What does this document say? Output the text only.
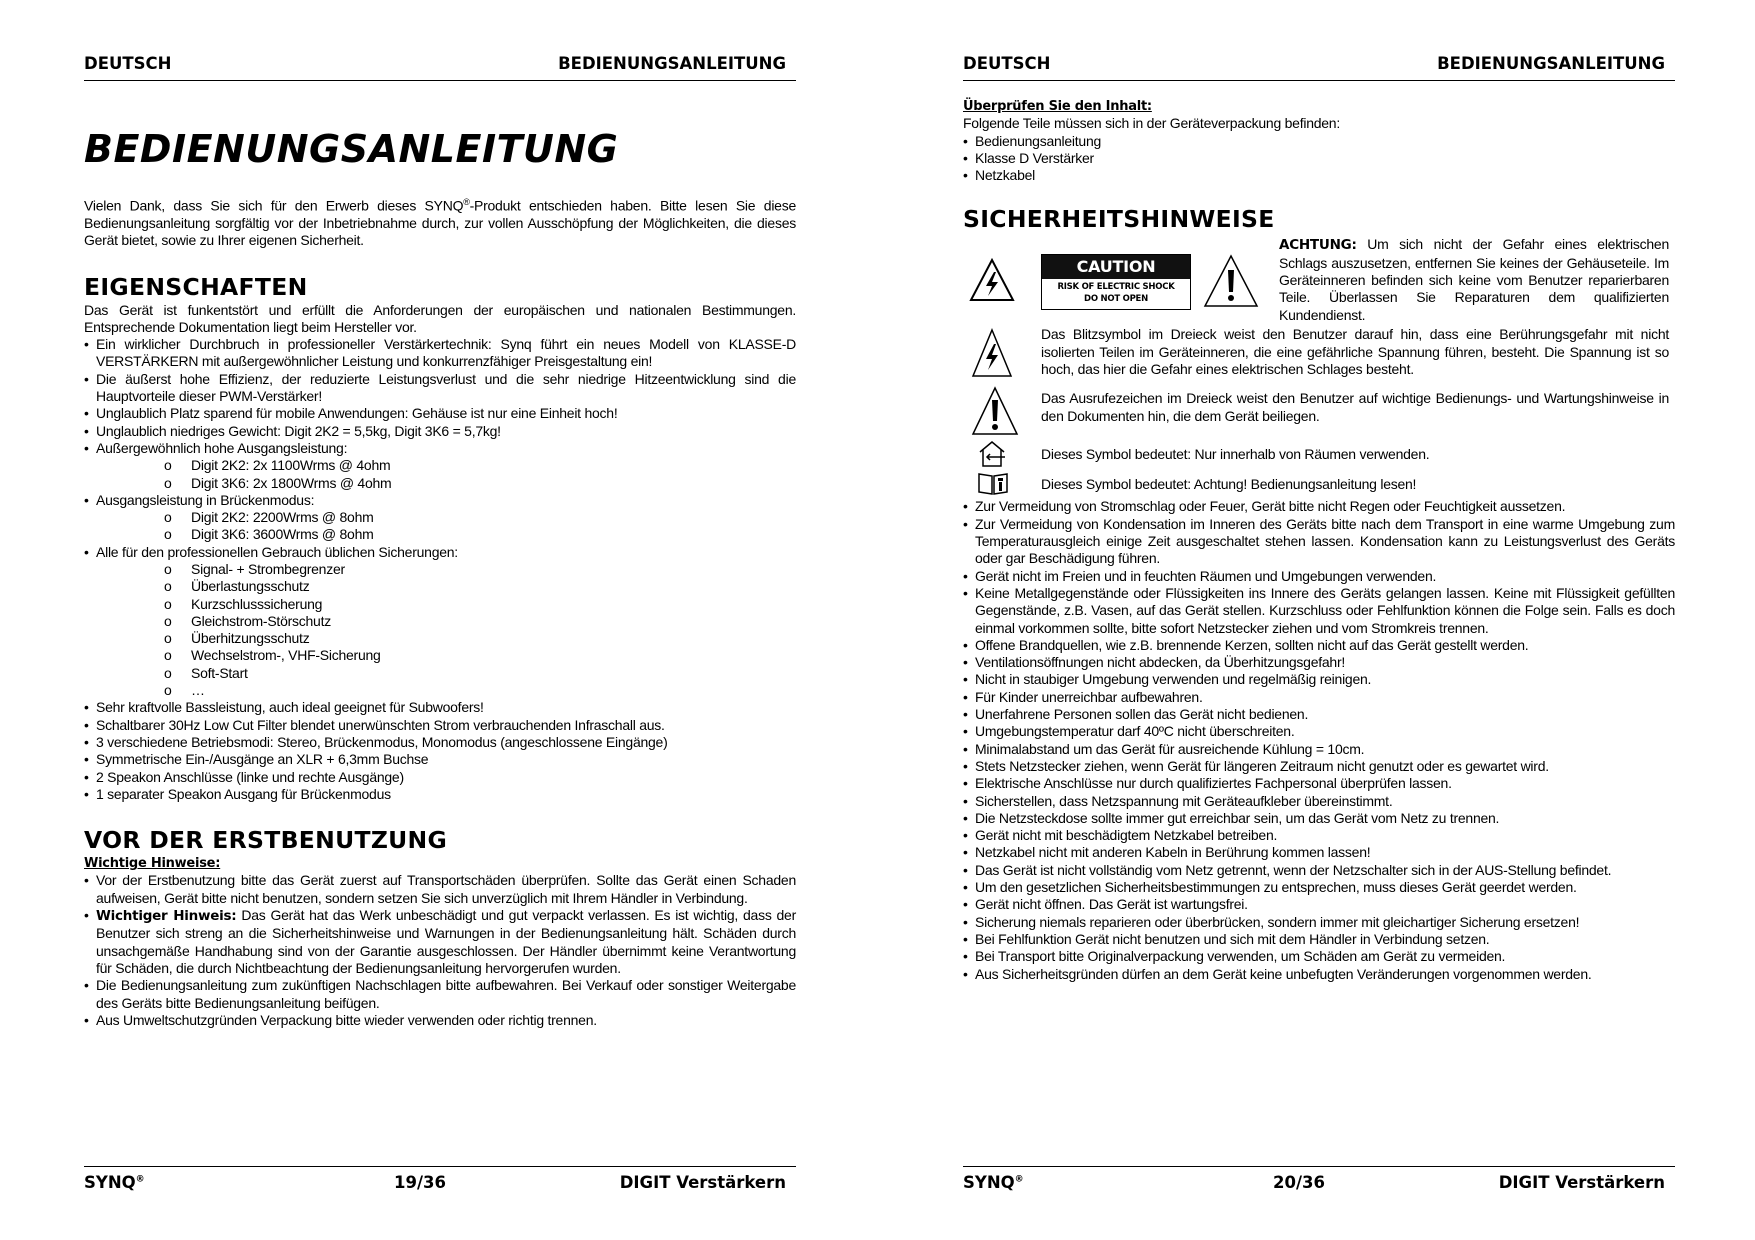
DEUTSCH	BEDIENUNGSANLEITUNG
BEDIENUNGSANLEITUNG

Vielen Dank, dass Sie sich für den Erwerb dieses SYNQ®-Produkt entschieden haben. Bitte lesen Sie diese Bedienungsanleitung sorgfältig vor der Inbetriebnahme durch, zur vollen Ausschöpfung der Möglichkeiten, die dieses Gerät bietet, sowie zu Ihrer eigenen Sicherheit.

EIGENSCHAFTEN

Das Gerät ist funkentstört und erfüllt die Anforderungen der europäischen und nationalen Bestimmungen. Entsprechende Dokumentation liegt beim Hersteller vor.

• Ein wirklicher Durchbruch in professioneller Verstärkertechnik: Synq führt ein neues Modell von KLASSE-D VERSTÄRKERN mit außergewöhnlicher Leistung und konkurrenzfähiger Preisgestaltung ein!
• Die äußerst hohe Effizienz, der reduzierte Leistungsverlust und die sehr niedrige Hitzeentwicklung sind die Hauptvorteile dieser PWM-Verstärker!
• Unglaublich Platz sparend für mobile Anwendungen: Gehäuse ist nur eine Einheit hoch!
• Unglaublich niedriges Gewicht: Digit 2K2 = 5,5kg, Digit 3K6 = 5,7kg!
• Außergewöhnlich hohe Ausgangsleistung:
o Digit 2K2: 2x 1100Wrms @ 4ohm
o Digit 3K6: 2x 1800Wrms @ 4ohm
• Ausgangsleistung in Brückenmodus:
o Digit 2K2: 2200Wrms @ 8ohm
o Digit 3K6: 3600Wrms @ 8ohm
• Alle für den professionellen Gebrauch üblichen Sicherungen:
o Signal- + Strombegrenzer
o Überlastungsschutz
o Kurzschlusssicherung
o Gleichstrom-Störschutz
o Überhitzungsschutz
o Wechselstrom-, VHF-Sicherung
o Soft-Start
o …
• Sehr kraftvolle Bassleistung, auch ideal geeignet für Subwoofers!
• Schaltbarer 30Hz Low Cut Filter blendet unerwünschten Strom verbrauchenden Infraschall aus.
• 3 verschiedene Betriebsmodi: Stereo, Brückenmodus, Monomodus (angeschlossene Eingänge)
• Symmetrische Ein-/Ausgänge an XLR + 6,3mm Buchse
• 2 Speakon Anschlüsse (linke und rechte Ausgänge)
• 1 separater Speakon Ausgang für Brückenmodus
VOR DER ERSTBENUTZUNG

Wichtige Hinweise:

• Vor der Erstbenutzung bitte das Gerät zuerst auf Transportschäden überprüfen. Sollte das Gerät einen Schaden aufweisen, Gerät bitte nicht benutzen, sondern setzen Sie sich unverzüglich mit Ihrem Händler in Verbindung.
• Wichtiger Hinweis: Das Gerät hat das Werk unbeschädigt und gut verpackt verlassen. Es ist wichtig, dass der Benutzer sich streng an die Sicherheitshinweise und Warnungen in der Bedienungsanleitung hält. Schäden durch unsachgemäße Handhabung sind von der Garantie ausgeschlossen. Der Händler übernimmt keine Verantwortung für Schäden, die durch Nichtbeachtung der Bedienungsanleitung hervorgerufen wurden.
• Die Bedienungsanleitung zum zukünftigen Nachschlagen bitte aufbewahren. Bei Verkauf oder sonstiger Weitergabe des Geräts bitte Bedienungsanleitung beifügen.
• Aus Umweltschutzgründen Verpackung bitte wieder verwenden oder richtig trennen.
SYNQ®	19/36	DIGIT Verstärkern
DEUTSCH	BEDIENUNGSANLEITUNG

Überprüfen Sie den Inhalt:

Folgende Teile müssen sich in der Geräteverpackung befinden:

• Bedienungsanleitung
• Klasse D Verstärker
• Netzkabel
SICHERHEITSHINWEISE
CAUTION
RISK OF ELECTRIC SHOCK
DO NOT OPEN

ACHTUNG: Um sich nicht der Gefahr eines elektrischen Schlags auszusetzen, entfernen Sie keines der Gehäuseteile. Im Geräteinneren befinden sich keine vom Benutzer reparierbaren Teile. Überlassen Sie Reparaturen dem qualifizierten Kundendienst.

Das Blitzsymbol im Dreieck weist den Benutzer darauf hin, dass eine Berührungsgefahr mit nicht isolierten Teilen im Geräteinneren, die eine gefährliche Spannung führen, besteht. Die Spannung ist so hoch, das hier die Gefahr eines elektrischen Schlages besteht.

Das Ausrufezeichen im Dreieck weist den Benutzer auf wichtige Bedienungs- und Wartungshinweise in den Dokumenten hin, die dem Gerät beiliegen.

Dieses Symbol bedeutet: Nur innerhalb von Räumen verwenden.

Dieses Symbol bedeutet: Achtung! Bedienungsanleitung lesen!

• Zur Vermeidung von Stromschlag oder Feuer, Gerät bitte nicht Regen oder Feuchtigkeit aussetzen.
• Zur Vermeidung von Kondensation im Inneren des Geräts bitte nach dem Transport in eine warme Umgebung zum Temperaturausgleich einige Zeit ausgeschaltet stehen lassen. Kondensation kann zu Leistungsverlust des Geräts oder gar Beschädigung führen.
• Gerät nicht im Freien und in feuchten Räumen und Umgebungen verwenden.
• Keine Metallgegenstände oder Flüssigkeiten ins Innere des Geräts gelangen lassen. Keine mit Flüssigkeit gefüllten Gegenstände, z.B. Vasen, auf das Gerät stellen. Kurzschluss oder Fehlfunktion können die Folge sein. Falls es doch einmal vorkommen sollte, bitte sofort Netzstecker ziehen und vom Stromkreis trennen.
• Offene Brandquellen, wie z.B. brennende Kerzen, sollten nicht auf das Gerät gestellt werden.
• Ventilationsöffnungen nicht abdecken, da Überhitzungsgefahr!
• Nicht in staubiger Umgebung verwenden und regelmäßig reinigen.
• Für Kinder unerreichbar aufbewahren.
• Unerfahrene Personen sollen das Gerät nicht bedienen.
• Umgebungstemperatur darf 40ºC nicht überschreiten.
• Minimalabstand um das Gerät für ausreichende Kühlung = 10cm.
• Stets Netzstecker ziehen, wenn Gerät für längeren Zeitraum nicht genutzt oder es gewartet wird.
• Elektrische Anschlüsse nur durch qualifiziertes Fachpersonal überprüfen lassen.
• Sicherstellen, dass Netzspannung mit Geräteaufkleber übereinstimmt.
• Die Netzsteckdose sollte immer gut erreichbar sein, um das Gerät vom Netz zu trennen.
• Gerät nicht mit beschädigtem Netzkabel betreiben.
• Netzkabel nicht mit anderen Kabeln in Berührung kommen lassen!
• Das Gerät ist nicht vollständig vom Netz getrennt, wenn der Netzschalter sich in der AUS-Stellung befindet.
• Um den gesetzlichen Sicherheitsbestimmungen zu entsprechen, muss dieses Gerät geerdet werden.
• Gerät nicht öffnen. Das Gerät ist wartungsfrei.
• Sicherung niemals reparieren oder überbrücken, sondern immer mit gleichartiger Sicherung ersetzen!
• Bei Fehlfunktion Gerät nicht benutzen und sich mit dem Händler in Verbindung setzen.
• Bei Transport bitte Originalverpackung verwenden, um Schäden am Gerät zu vermeiden.
• Aus Sicherheitsgründen dürfen an dem Gerät keine unbefugten Veränderungen vorgenommen werden.
SYNQ®	20/36	DIGIT Verstärkern
